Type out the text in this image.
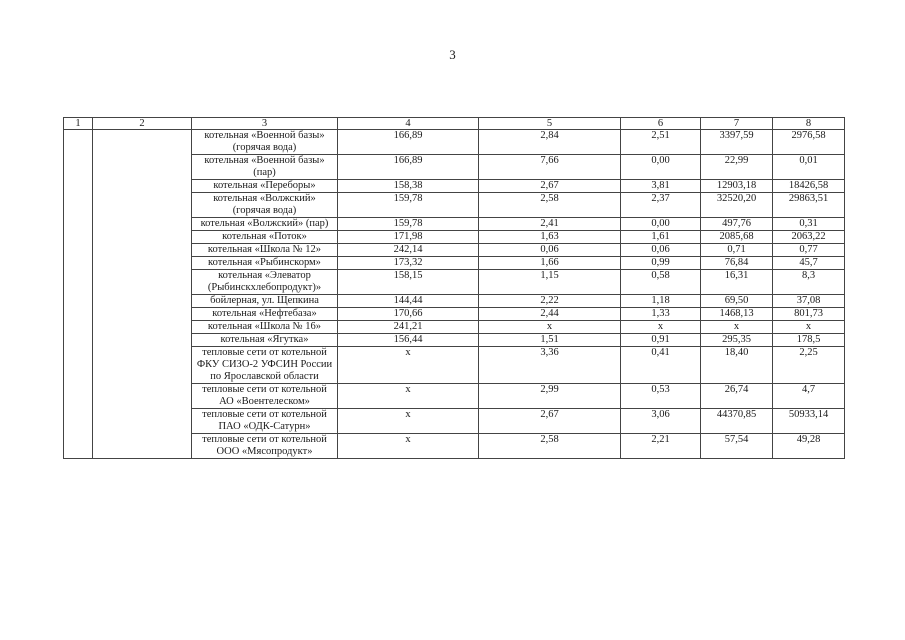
3
1	2	3	4	5	6	7	8
		котельная «Военной базы» (горячая вода)	166,89	2,84	2,51	3397,59	2976,58
		котельная «Военной базы» (пар)	166,89	7,66	0,00	22,99	0,01
		котельная «Переборы»	158,38	2,67	3,81	12903,18	18426,58
		котельная «Волжский» (горячая вода)	159,78	2,58	2,37	32520,20	29863,51
		котельная «Волжский» (пар)	159,78	2,41	0,00	497,76	0,31
		котельная «Поток»	171,98	1,63	1,61	2085,68	2063,22
		котельная «Школа № 12»	242,14	0,06	0,06	0,71	0,77
		котельная «Рыбинскорм»	173,32	1,66	0,99	76,84	45,7
		котельная «Элеватор (Рыбинскхлебопродукт)»	158,15	1,15	0,58	16,31	8,3
		бойлерная, ул. Щепкина	144,44	2,22	1,18	69,50	37,08
		котельная «Нефтебаза»	170,66	2,44	1,33	1468,13	801,73
		котельная «Школа № 16»	241,21	х	х	х	х
		котельная «Ягутка»	156,44	1,51	0,91	295,35	178,5
		тепловые сети от котельной ФКУ СИЗО-2 УФСИН России по Ярославской области	х	3,36	0,41	18,40	2,25
		тепловые сети от котельной АО «Воентелеском»	х	2,99	0,53	26,74	4,7
		тепловые сети от котельной ПАО «ОДК-Сатурн»	х	2,67	3,06	44370,85	50933,14
		тепловые сети от котельной ООО «Мясопродукт»	х	2,58	2,21	57,54	49,28
